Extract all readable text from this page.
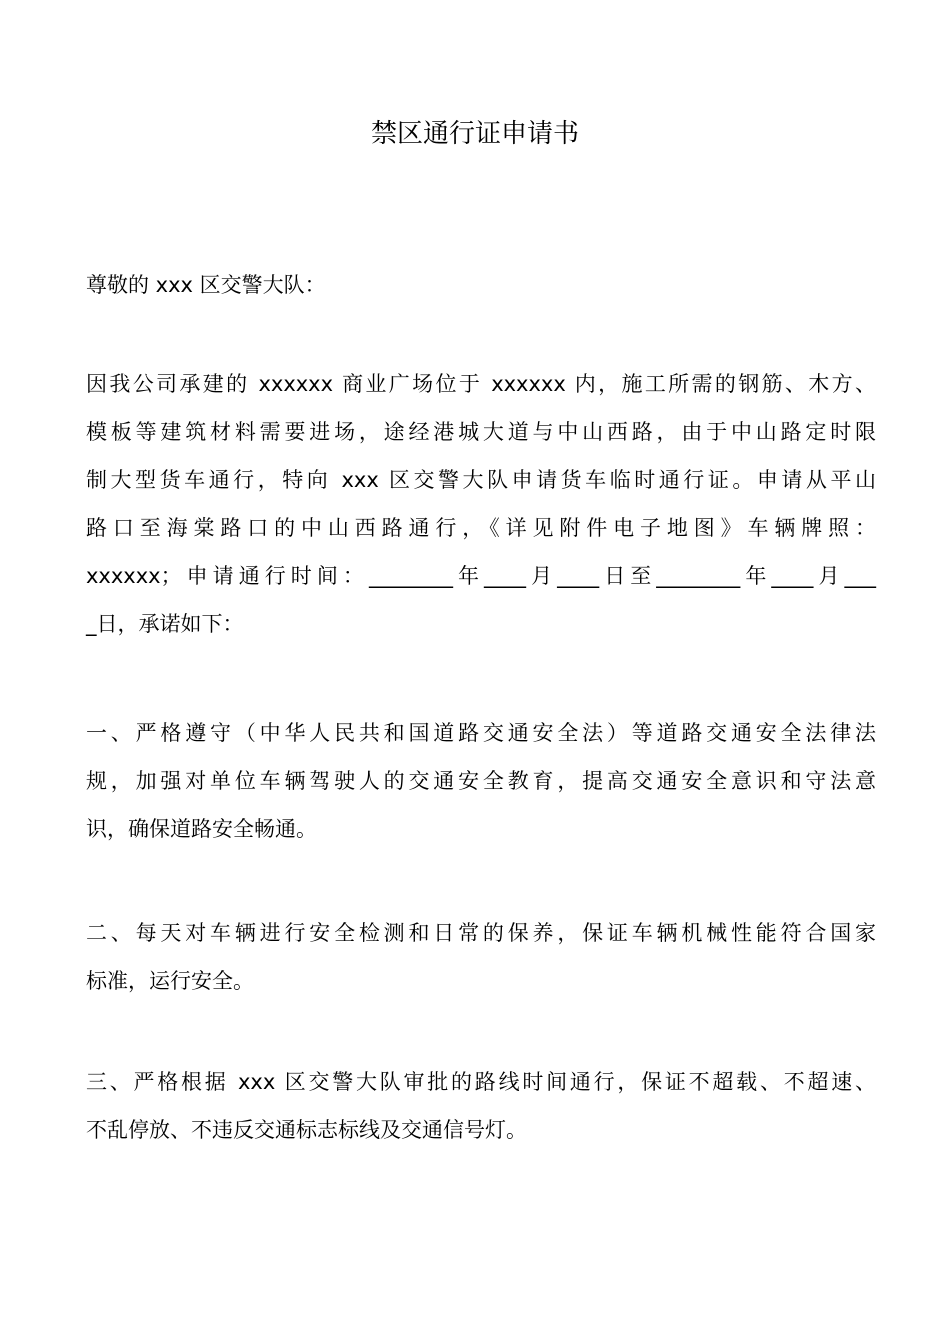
禁区通行证申请书
尊敬的 xxx 区交警大队：
因我公司承建的 xxxxxx 商业广场位于 xxxxxx 内，施工所需的钢筋、木方、
模板等建筑材料需要进场，途经港城大道与中山西路，由于中山路定时限
制大型货车通行，特向 xxx 区交警大队申请货车临时通行证。申请从平山
路口至海棠路口的中山西路通行，《详见附件电子地图》车辆牌照：
xxxxxx；申请通行时间：________年____月____日至________年____月___
_日，承诺如下：
一、严格遵守（中华人民共和国道路交通安全法）等道路交通安全法律法
规，加强对单位车辆驾驶人的交通安全教育，提高交通安全意识和守法意
识，确保道路安全畅通。
二、每天对车辆进行安全检测和日常的保养，保证车辆机械性能符合国家
标准，运行安全。
三、严格根据 xxx 区交警大队审批的路线时间通行，保证不超载、不超速、
不乱停放、不违反交通标志标线及交通信号灯。
